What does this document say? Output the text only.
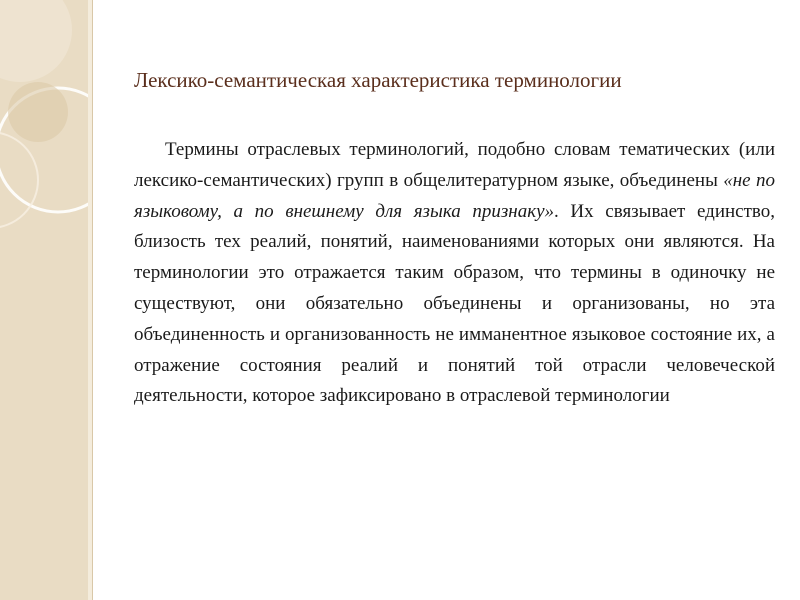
Лексико-семантическая характеристика терминологии

Термины отраслевых терминологий, подобно словам тематических (или лексико-семантических) групп в общелитературном языке, объединены «не по языковому, а по внешнему для языка признаку». Их связывает единство, близость тех реалий, понятий, наименованиями которых они являются. На терминологии это отражается таким образом, что термины в одиночку не существуют, они обязательно объединены и организованы, но эта объединенность и организованность не имманентное языковое состояние их, а отражение состояния реалий и понятий той отрасли человеческой деятельности, которое зафиксировано в отраслевой терминологии
